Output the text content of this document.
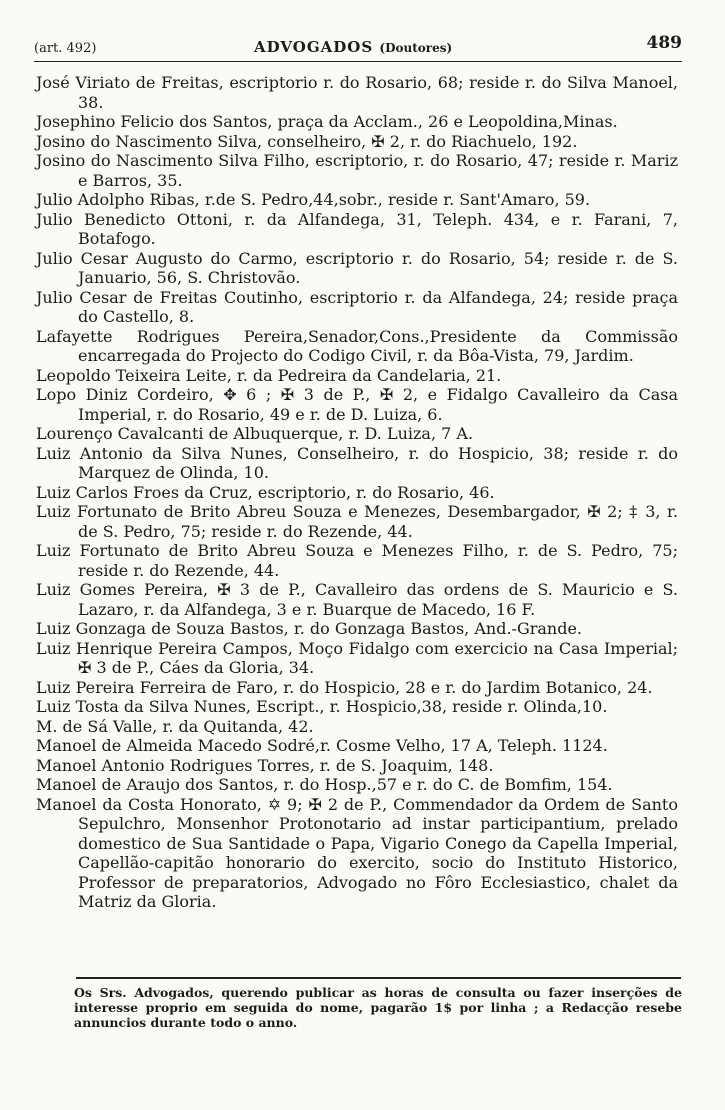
(art. 492)	ADVOGADOS (Doutores)	489

José Viriato de Freitas, escriptorio r. do Rosario, 68; reside r. do Silva Manoel, 38.

Josephino Felicio dos Santos, praça da Acclam., 26 e Leopoldina,Minas.

Josino do Nascimento Silva, conselheiro, ✠ 2, r. do Riachuelo, 192.

Josino do Nascimento Silva Filho, escriptorio, r. do Rosario, 47; reside r. Mariz e Barros, 35.

Julio Adolpho Ribas, r.de S. Pedro,44,sobr., reside r. Sant'Amaro, 59.

Julio Benedicto Ottoni, r. da Alfandega, 31, Teleph. 434, e r. Farani, 7, Botafogo.

Julio Cesar Augusto do Carmo, escriptorio r. do Rosario, 54; reside r. de S. Januario, 56, S. Christovão.

Julio Cesar de Freitas Coutinho, escriptorio r. da Alfandega, 24; reside praça do Castello, 8.

Lafayette Rodrigues Pereira,Senador,Cons.,Presidente da Commissão encarregada do Projecto do Codigo Civil, r. da Bôa-Vista, 79, Jardim.

Leopoldo Teixeira Leite, r. da Pedreira da Candelaria, 21.

Lopo Diniz Cordeiro, ✥ 6 ; ✠ 3 de P., ✠ 2, e Fidalgo Cavalleiro da Casa Imperial, r. do Rosario, 49 e r. de D. Luiza, 6.

Lourenço Cavalcanti de Albuquerque, r. D. Luiza, 7 A.

Luiz Antonio da Silva Nunes, Conselheiro, r. do Hospicio, 38; reside r. do Marquez de Olinda, 10.

Luiz Carlos Froes da Cruz, escriptorio, r. do Rosario, 46.

Luiz Fortunato de Brito Abreu Souza e Menezes, Desembargador, ✠ 2; ‡ 3, r. de S. Pedro, 75; reside r. do Rezende, 44.

Luiz Fortunato de Brito Abreu Souza e Menezes Filho, r. de S. Pedro, 75; reside r. do Rezende, 44.

Luiz Gomes Pereira, ✠ 3 de P., Cavalleiro das ordens de S. Mauricio e S. Lazaro, r. da Alfandega, 3 e r. Buarque de Macedo, 16 F.

Luiz Gonzaga de Souza Bastos, r. do Gonzaga Bastos, And.-Grande.

Luiz Henrique Pereira Campos, Moço Fidalgo com exercicio na Casa Imperial; ✠ 3 de P., Cáes da Gloria, 34.

Luiz Pereira Ferreira de Faro, r. do Hospicio, 28 e r. do Jardim Botanico, 24.

Luiz Tosta da Silva Nunes, Escript., r. Hospicio,38, reside r. Olinda,10.

M. de Sá Valle, r. da Quitanda, 42.

Manoel de Almeida Macedo Sodré,r. Cosme Velho, 17 A, Teleph. 1124.

Manoel Antonio Rodrigues Torres, r. de S. Joaquim, 148.

Manoel de Araujo dos Santos, r. do Hosp.,57 e r. do C. de Bomfim, 154.

Manoel da Costa Honorato, ✡ 9; ✠ 2 de P., Commendador da Ordem de Santo Sepulchro, Monsenhor Protonotario ad instar participantium, prelado domestico de Sua Santidade o Papa, Vigario Conego da Capella Imperial, Capellão-capitão honorario do exercito, socio do Instituto Historico, Professor de preparatorios, Advogado no Fôro Ecclesiastico, chalet da Matriz da Gloria.

Os Srs. Advogados, querendo publicar as horas de consulta ou fazer inserções de interesse proprio em seguida do nome, pagarão 1$ por linha ; a Redacção resebe annuncios durante todo o anno.
